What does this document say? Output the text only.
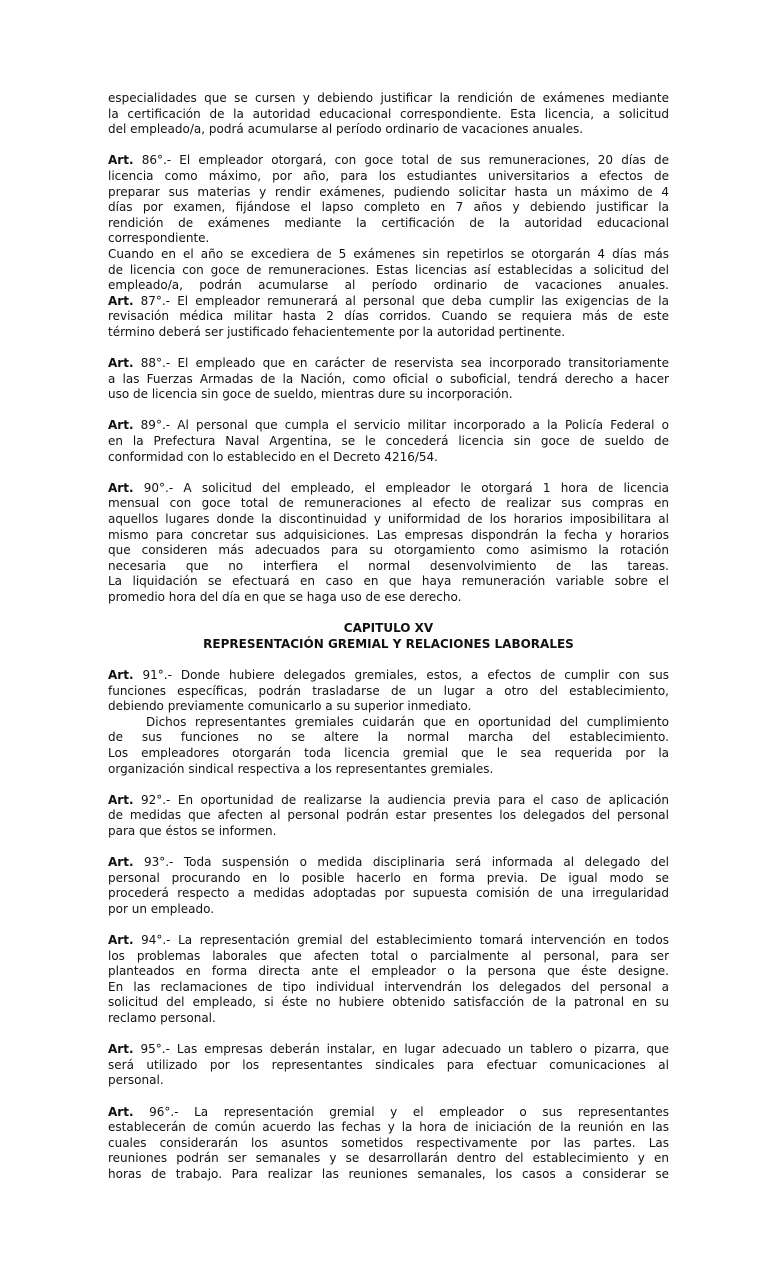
especialidades que se cursen y debiendo justificar la rendición de exámenes mediante
la certificación de la autoridad educacional correspondiente. Esta licencia, a solicitud
del empleado/a, podrá acumularse al período ordinario de vacaciones anuales.
Art. 86°.- El empleador otorgará, con goce total de sus remuneraciones, 20 días de
licencia como máximo, por año, para los estudiantes universitarios a efectos de
preparar sus materias y rendir exámenes, pudiendo solicitar hasta un máximo de 4
días por examen, fijándose el lapso completo en 7 años y debiendo justificar la
rendición de exámenes mediante la certificación de la autoridad educacional
correspondiente.
Cuando en el año se excediera de 5 exámenes sin repetirlos se otorgarán 4 días más
de licencia con goce de remuneraciones. Estas licencias así establecidas a solicitud del
empleado/a, podrán acumularse al período ordinario de vacaciones anuales.
Art. 87°.- El empleador remunerará al personal que deba cumplir las exigencias de la
revisación médica militar hasta 2 días corridos. Cuando se requiera más de este
término deberá ser justificado fehacientemente por la autoridad pertinente.
Art. 88°.- El empleado que en carácter de reservista sea incorporado transitoriamente
a las Fuerzas Armadas de la Nación, como oficial o suboficial, tendrá derecho a hacer
uso de licencia sin goce de sueldo, mientras dure su incorporación.
Art. 89°.- Al personal que cumpla el servicio militar incorporado a la Policía Federal o
en la Prefectura Naval Argentina, se le concederá licencia sin goce de sueldo de
conformidad con lo establecido en el Decreto 4216/54.
Art. 90°.- A solicitud del empleado, el empleador le otorgará 1 hora de licencia
mensual con goce total de remuneraciones al efecto de realizar sus compras en
aquellos lugares donde la discontinuidad y uniformidad de los horarios imposibilitara al
mismo para concretar sus adquisiciones. Las empresas dispondrán la fecha y horarios
que consideren más adecuados para su otorgamiento como asimismo la rotación
necesaria que no interfiera el normal desenvolvimiento de las tareas.
La liquidación se efectuará en caso en que haya remuneración variable sobre el
promedio hora del día en que se haga uso de ese derecho.
CAPITULO XV
REPRESENTACIÓN GREMIAL Y RELACIONES LABORALES
Art. 91°.- Donde hubiere delegados gremiales, estos, a efectos de cumplir con sus
funciones específicas, podrán trasladarse de un lugar a otro del establecimiento,
debiendo previamente comunicarlo a su superior inmediato.
Dichos representantes gremiales cuidarán que en oportunidad del cumplimiento
de sus funciones no se altere la normal marcha del establecimiento.
Los empleadores otorgarán toda licencia gremial que le sea requerida por la
organización sindical respectiva a los representantes gremiales.
Art. 92°.- En oportunidad de realizarse la audiencia previa para el caso de aplicación
de medidas que afecten al personal podrán estar presentes los delegados del personal
para que éstos se informen.
Art. 93°.- Toda suspensión o medida disciplinaria será informada al delegado del
personal procurando en lo posible hacerlo en forma previa. De igual modo se
procederá respecto a medidas adoptadas por supuesta comisión de una irregularidad
por un empleado.
Art. 94°.- La representación gremial del establecimiento tomará intervención en todos
los problemas laborales que afecten total o parcialmente al personal, para ser
planteados en forma directa ante el empleador o la persona que éste designe.
En las reclamaciones de tipo individual intervendrán los delegados del personal a
solicitud del empleado, si éste no hubiere obtenido satisfacción de la patronal en su
reclamo personal.
Art. 95°.- Las empresas deberán instalar, en lugar adecuado un tablero o pizarra, que
será utilizado por los representantes sindicales para efectuar comunicaciones al
personal.
Art. 96°.- La representación gremial y el empleador o sus representantes
establecerán de común acuerdo las fechas y la hora de iniciación de la reunión en las
cuales considerarán los asuntos sometidos respectivamente por las partes. Las
reuniones podrán ser semanales y se desarrollarán dentro del establecimiento y en
horas de trabajo. Para realizar las reuniones semanales, los casos a considerar se
